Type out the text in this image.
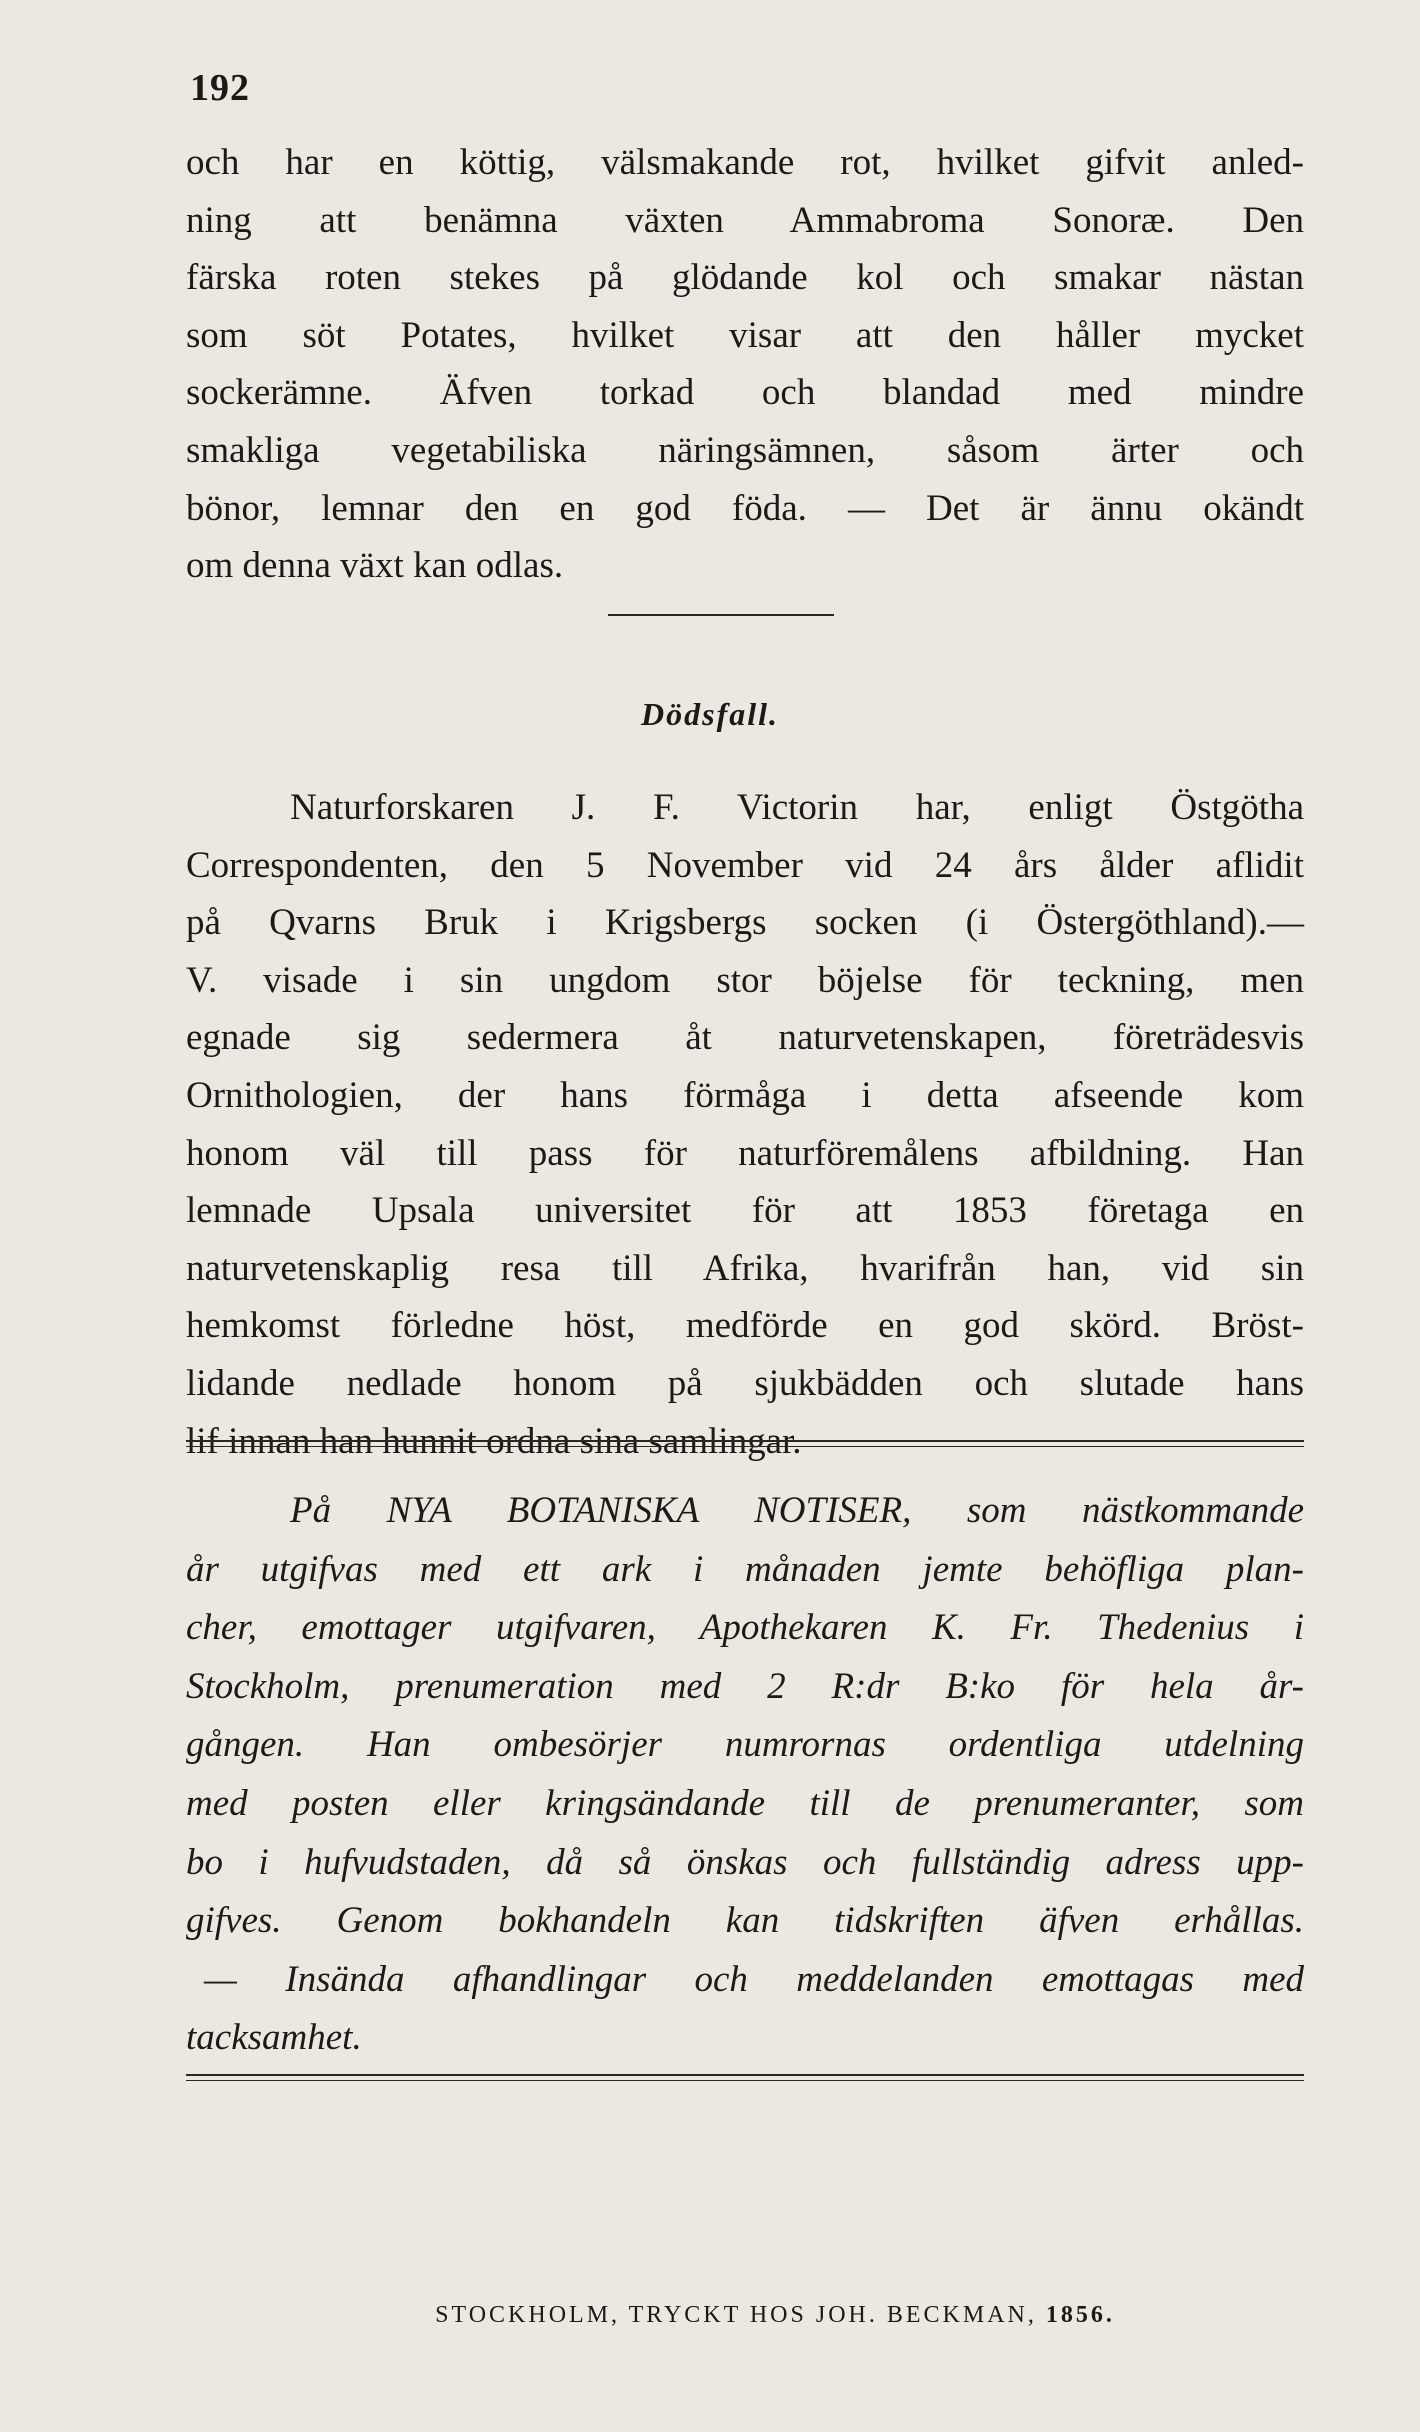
192
och har en köttig, välsmakande rot, hvilket gifvit anled-
ning att benämna växten Ammabroma Sonoræ. Den
färska roten stekes på glödande kol och smakar nästan
som söt Potates, hvilket visar att den håller mycket
sockerämne. Äfven torkad och blandad med mindre
smakliga vegetabiliska näringsämnen, såsom ärter och
bönor, lemnar den en god föda. — Det är ännu okändt
om denna växt kan odlas.
Dödsfall.
Naturforskaren J. F. Victorin har, enligt Östgötha
Correspondenten, den 5 November vid 24 års ålder aflidit
på Qvarns Bruk i Krigsbergs socken (i Östergöthland).—
V. visade i sin ungdom stor böjelse för teckning, men
egnade sig sedermera åt naturvetenskapen, företrädesvis
Ornithologien, der hans förmåga i detta afseende kom
honom väl till pass för naturföremålens afbildning. Han
lemnade Upsala universitet för att 1853 företaga en
naturvetenskaplig resa till Afrika, hvarifrån han, vid sin
hemkomst förledne höst, medförde en god skörd. Bröst-
lidande nedlade honom på sjukbädden och slutade hans
lif innan han hunnit ordna sina samlingar.
På NYA BOTANISKA NOTISER, som nästkommande
år utgifvas med ett ark i månaden jemte behöfliga plan-
cher, emottager utgifvaren, Apothekaren K. Fr. Thedenius i
Stockholm, prenumeration med 2 R:dr B:ko för hela år-
gången. Han ombesörjer numrornas ordentliga utdelning
med posten eller kringsändande till de prenumeranter, som
bo i hufvudstaden, då så önskas och fullständig adress upp-
gifves. Genom bokhandeln kan tidskriften äfven erhållas.
— Insända afhandlingar och meddelanden emottagas med
tacksamhet.
STOCKHOLM, TRYCKT HOS JOH. BECKMAN, 1856.
